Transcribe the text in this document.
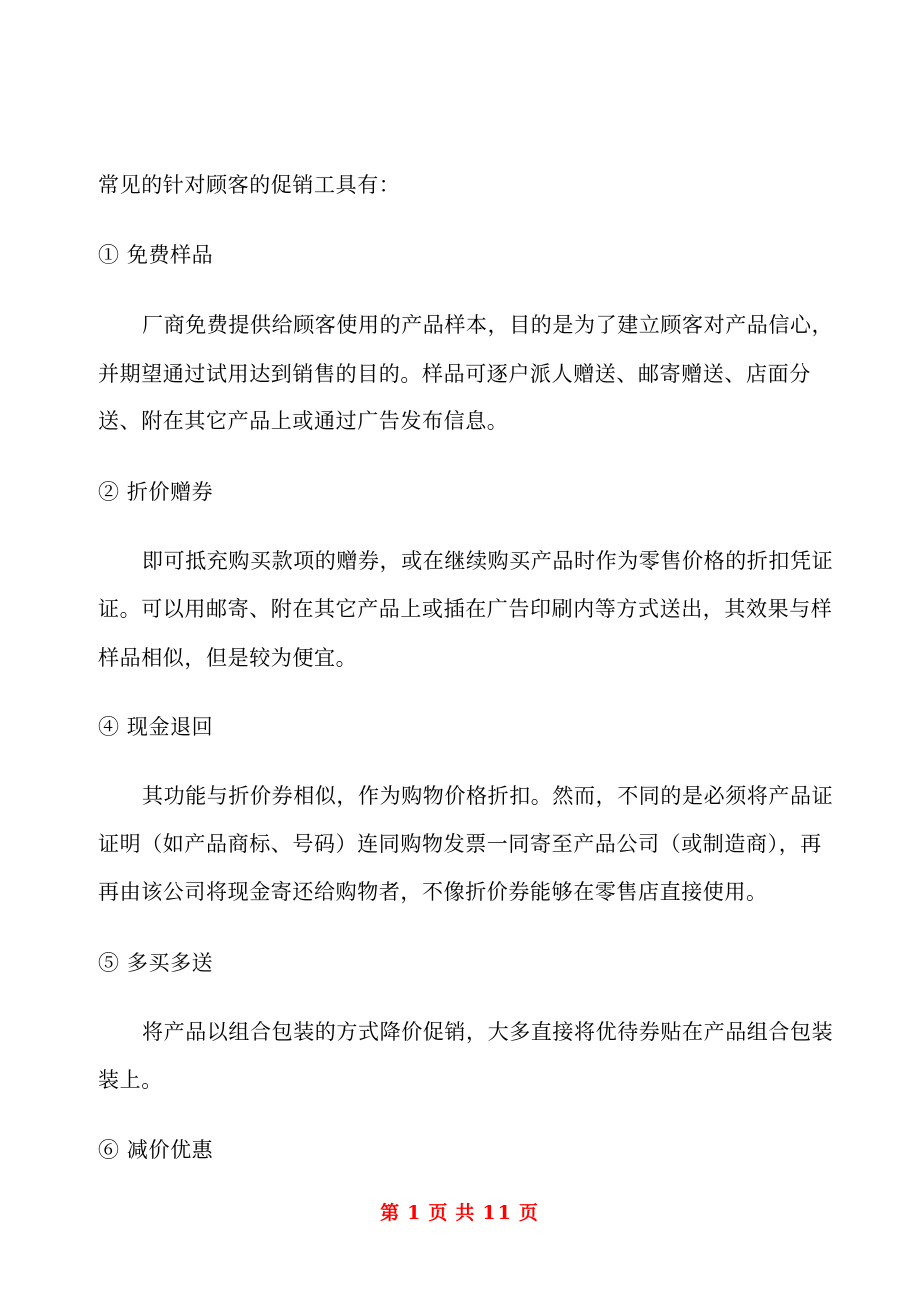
常见的针对顾客的促销工具有：
① 免费样品
厂商免费提供给顾客使用的产品样本，目的是为了建立顾客对产品信心，
并期望通过试用达到销售的目的。样品可逐户派人赠送、邮寄赠送、店面分
送、附在其它产品上或通过广告发布信息。
② 折价赠券
即可抵充购买款项的赠券，或在继续购买产品时作为零售价格的折扣凭证
证。可以用邮寄、附在其它产品上或插在广告印刷内等方式送出，其效果与样
样品相似，但是较为便宜。
④ 现金退回
其功能与折价券相似，作为购物价格折扣。然而，不同的是必须将产品证
证明（如产品商标、号码）连同购物发票一同寄至产品公司（或制造商），再
再由该公司将现金寄还给购物者，不像折价券能够在零售店直接使用。
⑤ 多买多送
将产品以组合包装的方式降价促销，大多直接将优待券贴在产品组合包装
装上。
⑥ 减价优惠
第 1 页 共 11 页
